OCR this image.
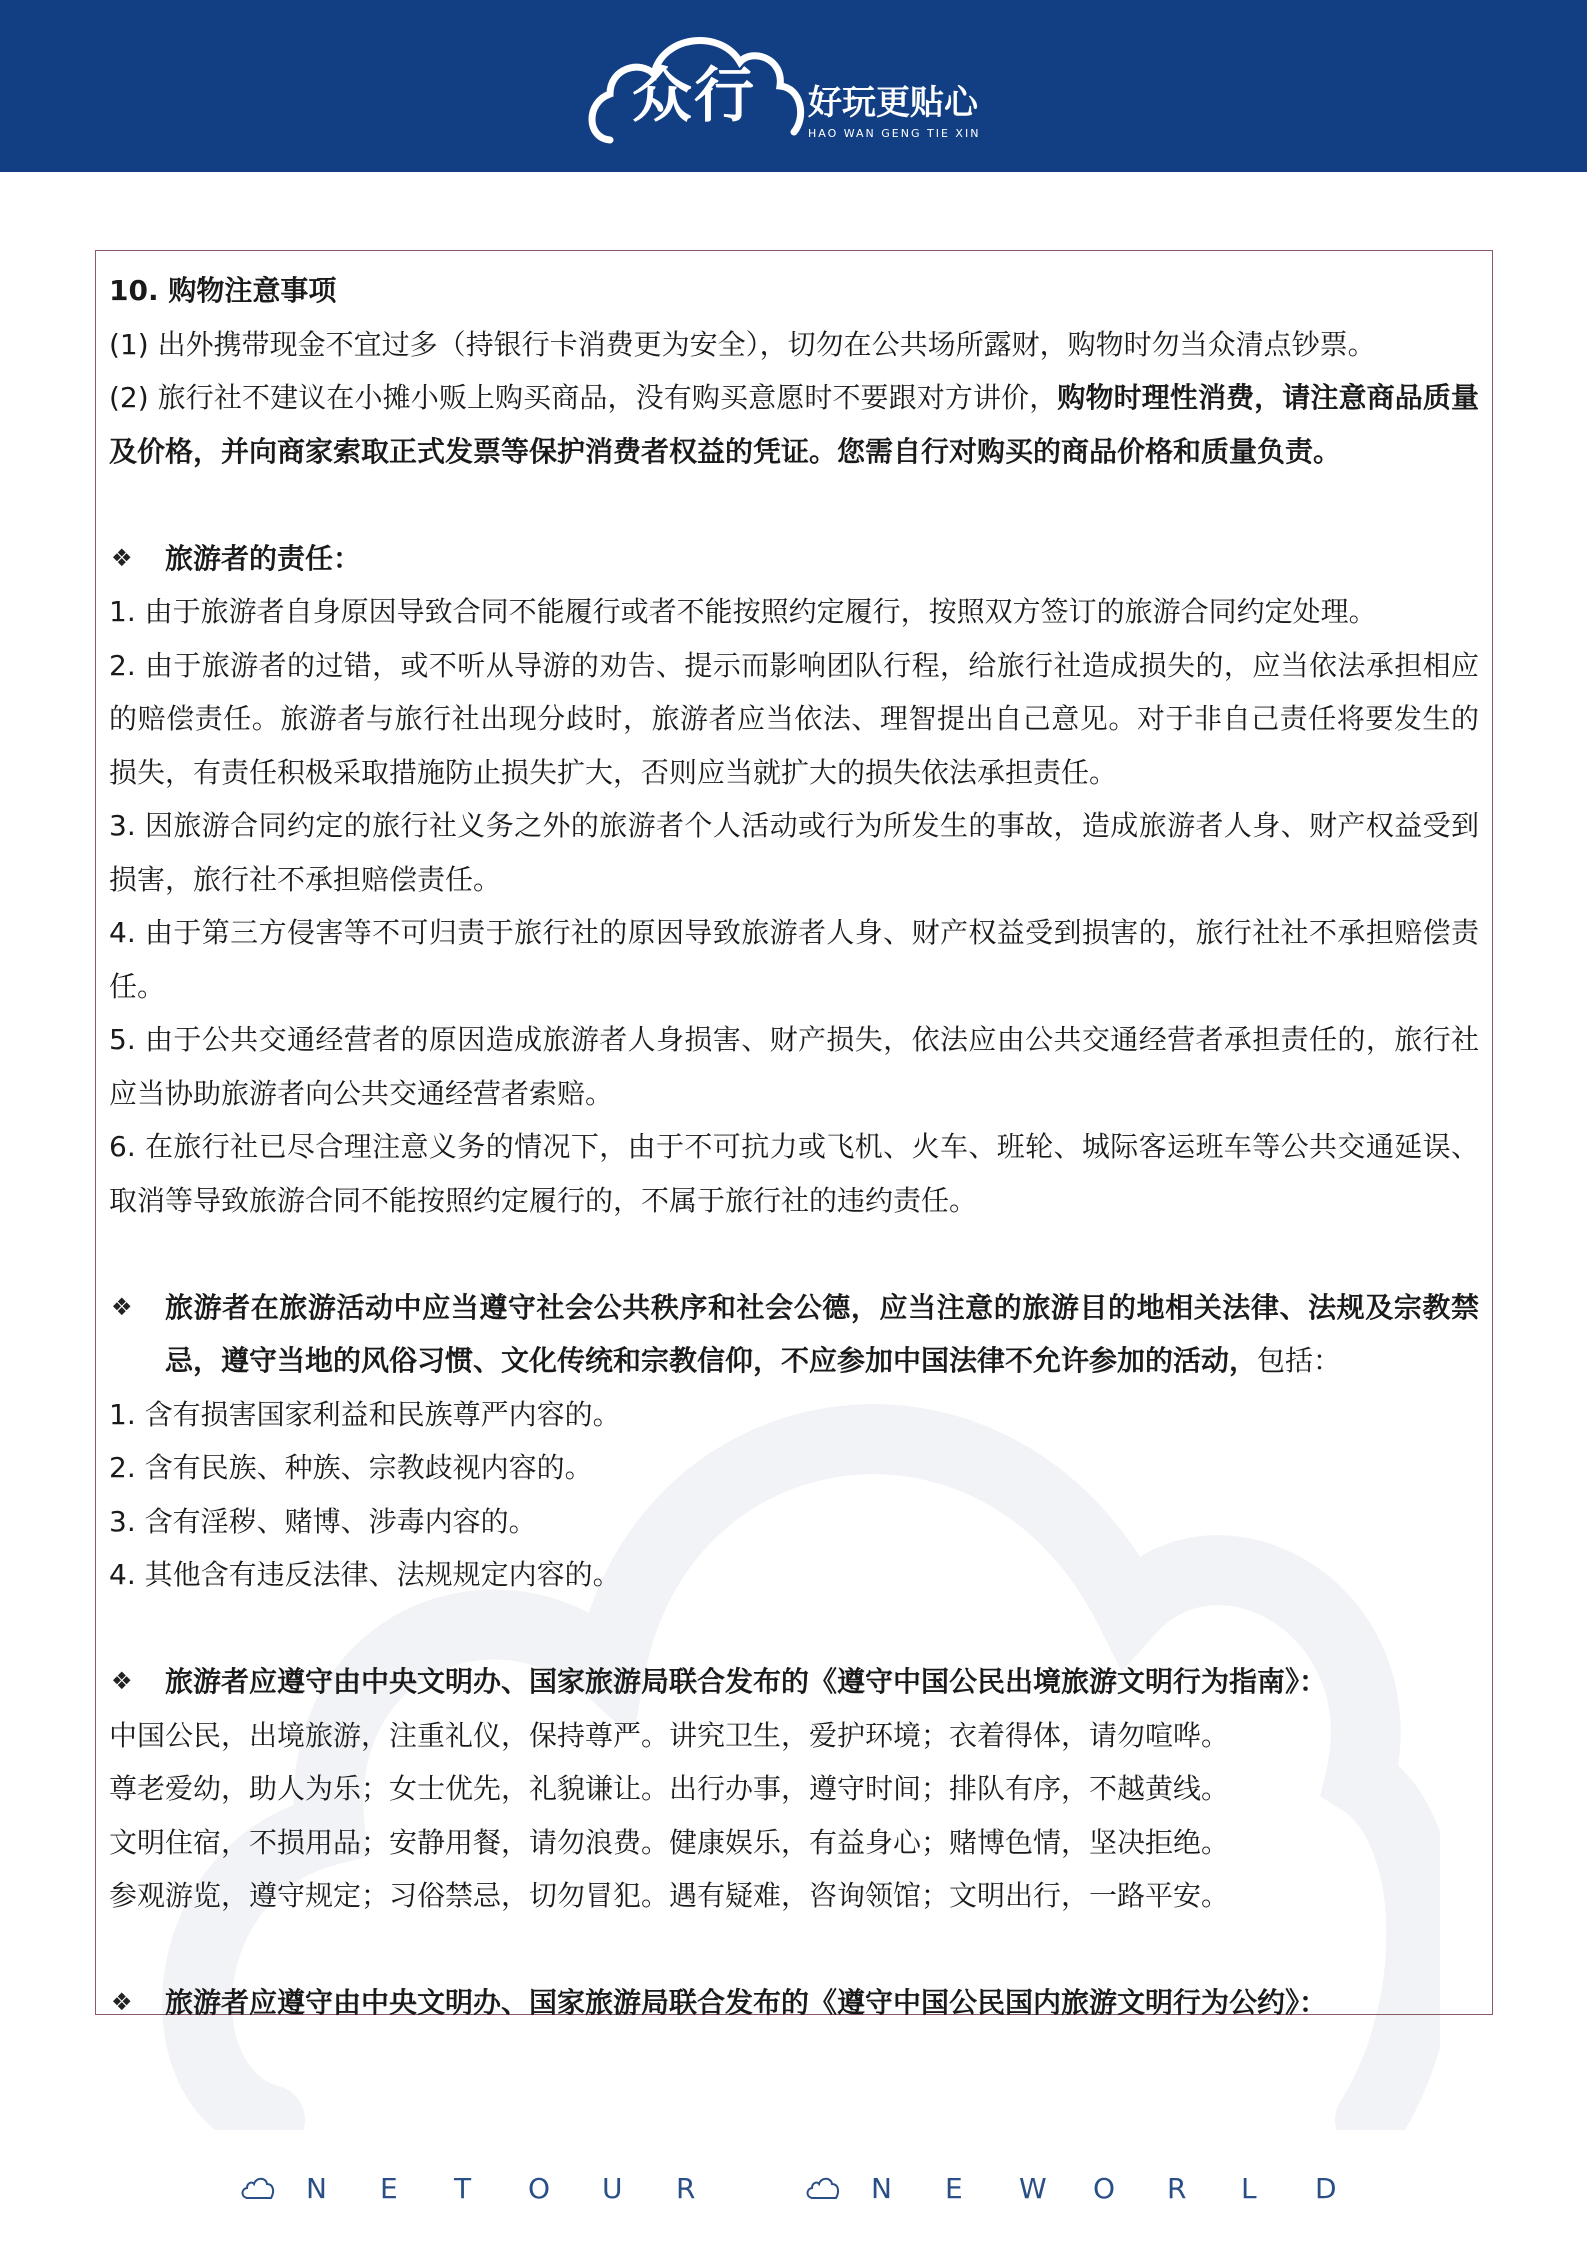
众行 好玩更贴心
HAO WAN GENG TIE XIN

10. 购物注意事项

(1) 出外携带现金不宜过多（持银行卡消费更为安全），切勿在公共场所露财，购物时勿当众清点钞票。

(2) 旅行社不建议在小摊小贩上购买商品，没有购买意愿时不要跟对方讲价，购物时理性消费，请注意商品质量及价格，并向商家索取正式发票等保护消费者权益的凭证。您需自行对购买的商品价格和质量负责。

❖ 旅游者的责任：

1. 由于旅游者自身原因导致合同不能履行或者不能按照约定履行，按照双方签订的旅游合同约定处理。

2. 由于旅游者的过错，或不听从导游的劝告、提示而影响团队行程，给旅行社造成损失的，应当依法承担相应的赔偿责任。旅游者与旅行社出现分歧时，旅游者应当依法、理智提出自己意见。对于非自己责任将要发生的损失，有责任积极采取措施防止损失扩大，否则应当就扩大的损失依法承担责任。

3. 因旅游合同约定的旅行社义务之外的旅游者个人活动或行为所发生的事故，造成旅游者人身、财产权益受到损害，旅行社不承担赔偿责任。

4. 由于第三方侵害等不可归责于旅行社的原因导致旅游者人身、财产权益受到损害的，旅行社社不承担赔偿责任。

5. 由于公共交通经营者的原因造成旅游者人身损害、财产损失，依法应由公共交通经营者承担责任的，旅行社应当协助旅游者向公共交通经营者索赔。

6. 在旅行社已尽合理注意义务的情况下，由于不可抗力或飞机、火车、班轮、城际客运班车等公共交通延误、取消等导致旅游合同不能按照约定履行的，不属于旅行社的违约责任。

❖ 旅游者在旅游活动中应当遵守社会公共秩序和社会公德，应当注意的旅游目的地相关法律、法规及宗教禁忌，遵守当地的风俗习惯、文化传统和宗教信仰，不应参加中国法律不允许参加的活动，包括：

1. 含有损害国家利益和民族尊严内容的。

2. 含有民族、种族、宗教歧视内容的。

3. 含有淫秽、赌博、涉毒内容的。

4. 其他含有违反法律、法规规定内容的。

❖ 旅游者应遵守由中央文明办、国家旅游局联合发布的《遵守中国公民出境旅游文明行为指南》：

中国公民，出境旅游，注重礼仪，保持尊严。讲究卫生，爱护环境；衣着得体，请勿喧哗。

尊老爱幼，助人为乐；女士优先，礼貌谦让。出行办事，遵守时间；排队有序，不越黄线。

文明住宿，不损用品；安静用餐，请勿浪费。健康娱乐，有益身心；赌博色情，坚决拒绝。

参观游览，遵守规定；习俗禁忌，切勿冒犯。遇有疑难，咨询领馆；文明出行，一路平安。

❖ 旅游者应遵守由中央文明办、国家旅游局联合发布的《遵守中国公民国内旅游文明行为公约》：

N	E	T	O	U	R	N	E	W	O	R	L	D
